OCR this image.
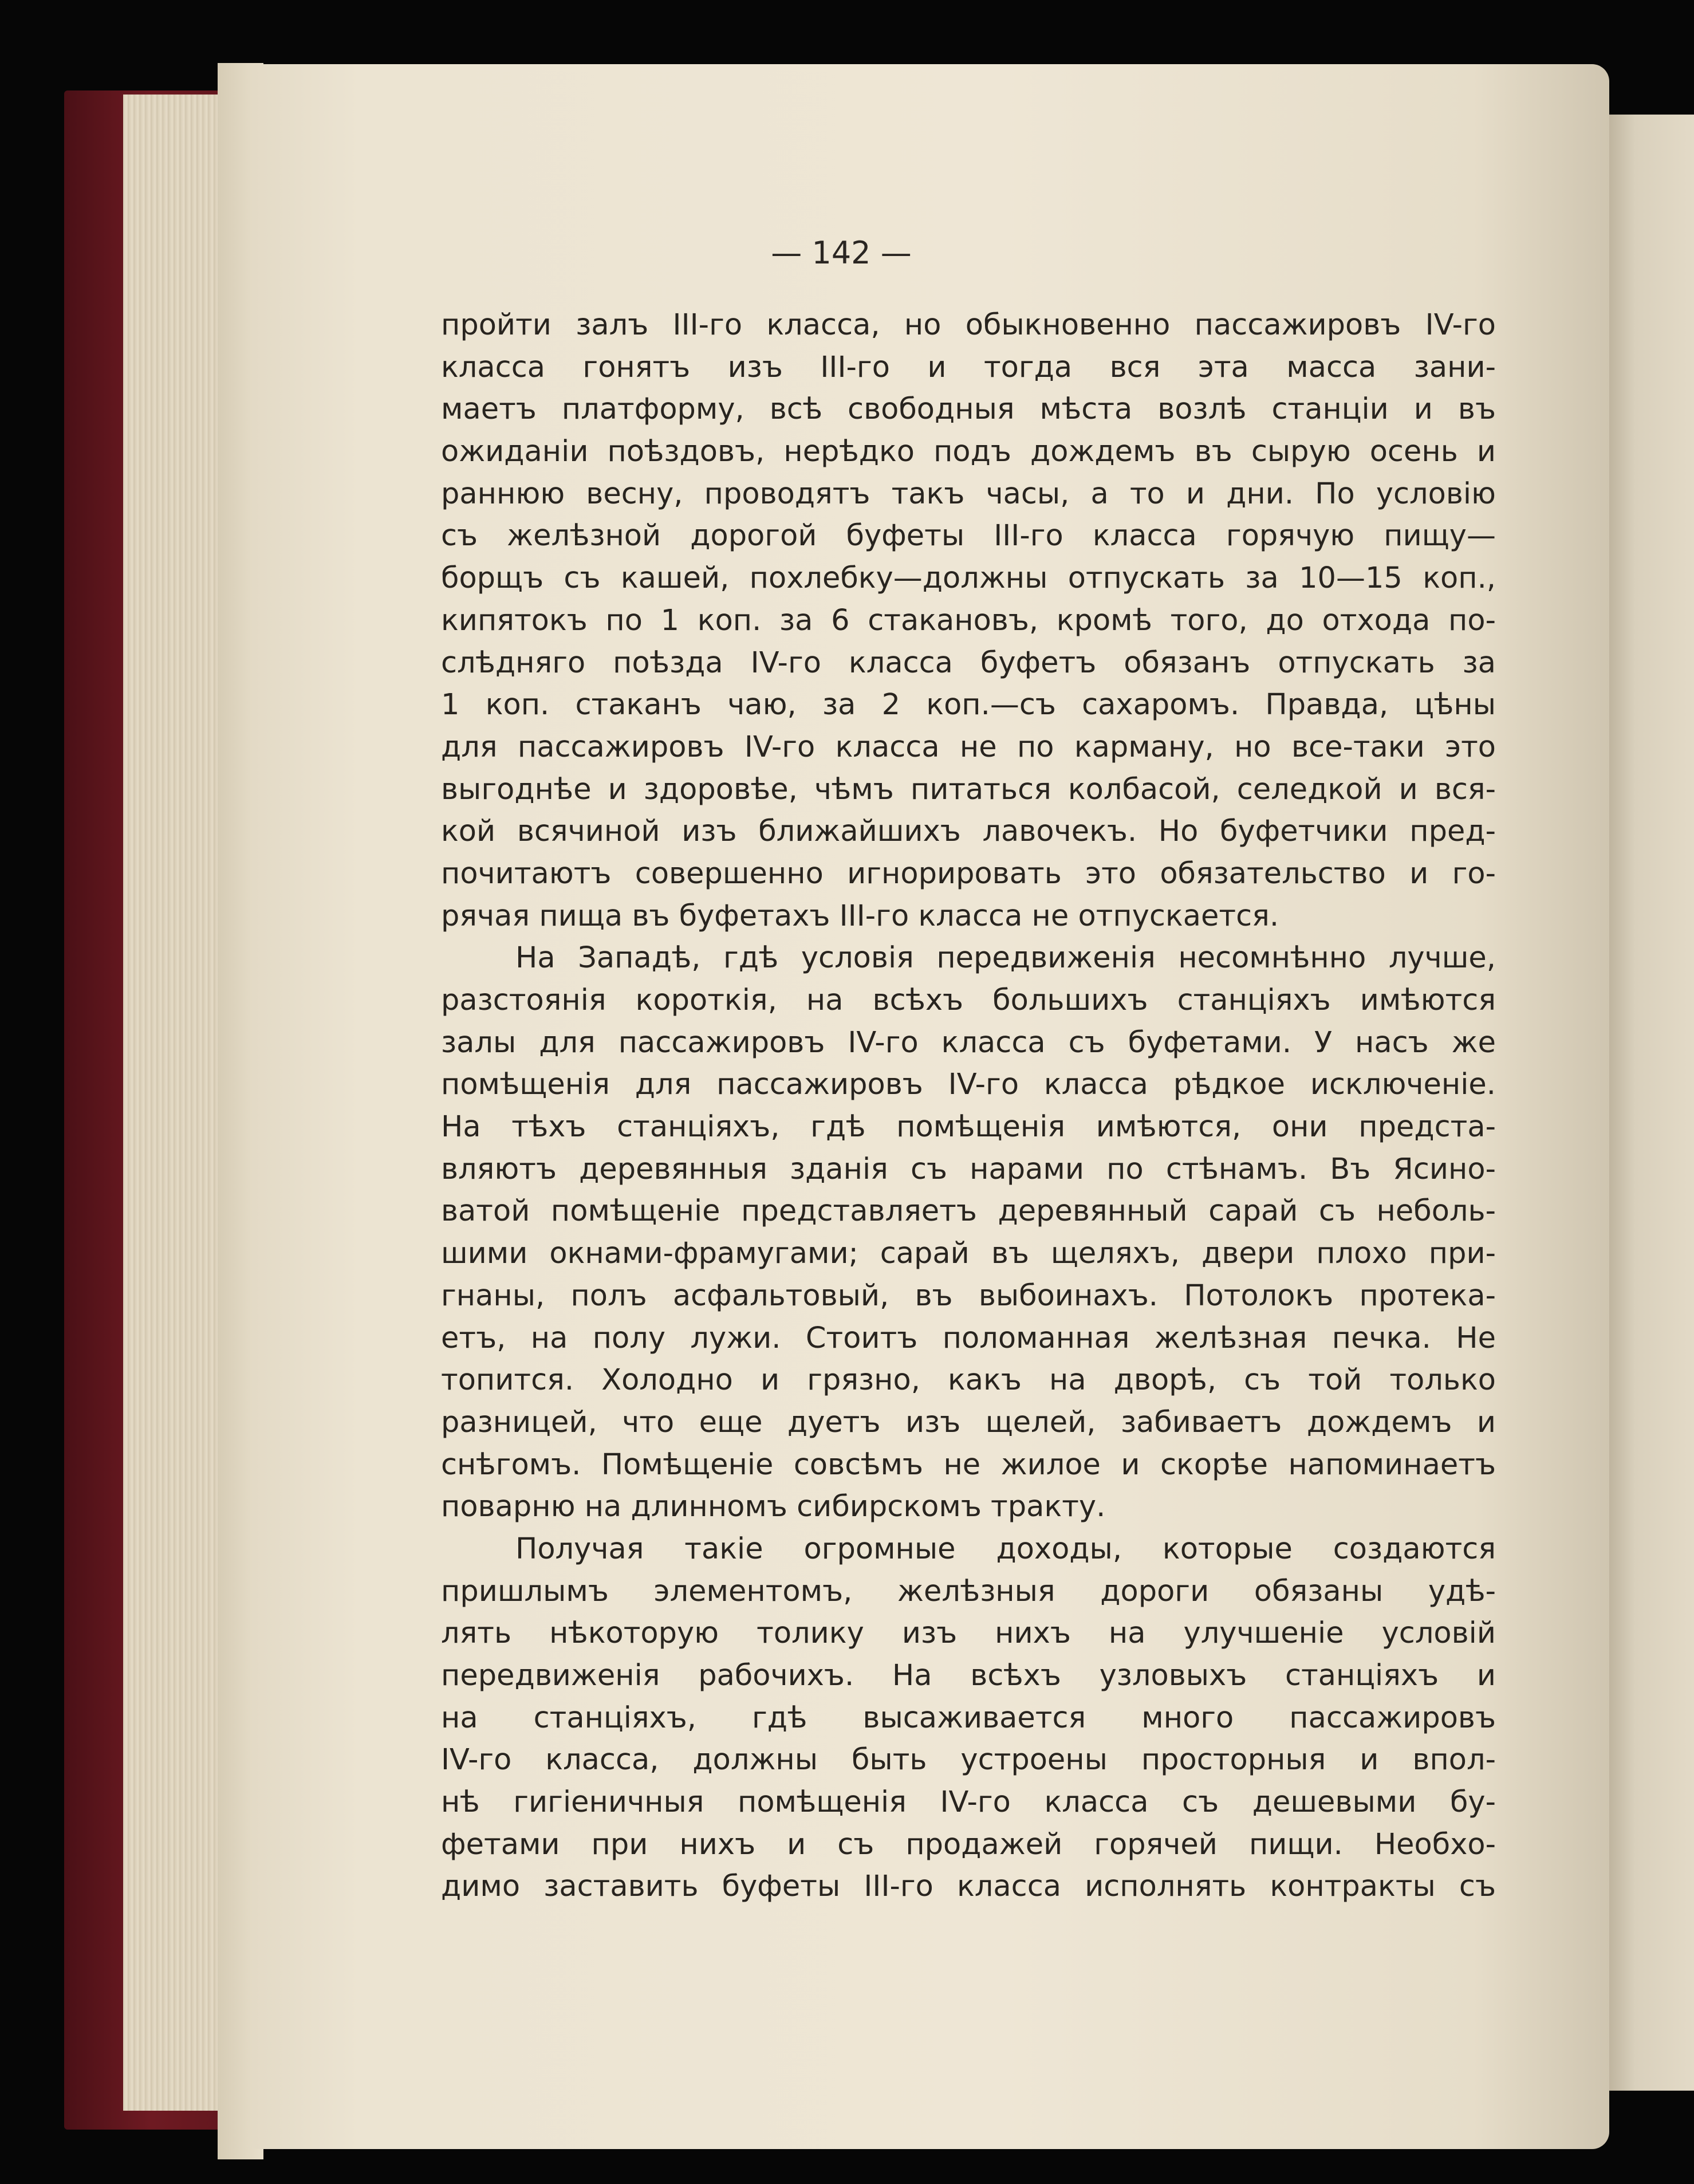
— 142 —
пройти залъ III-го класса, но обыкновенно пассажировъ IV-го
класса гонятъ изъ III-го и тогда вся эта масса зани-
маетъ платформу, всѣ свободныя мѣста возлѣ станціи и въ
ожиданіи поѣздовъ, нерѣдко подъ дождемъ въ сырую осень и
раннюю весну, проводятъ такъ часы, а то и дни. По условію
съ желѣзной дорогой буфеты III-го класса горячую пищу—
борщъ съ кашей, похлебку—должны отпускать за 10—15 коп.,
кипятокъ по 1 коп. за 6 стакановъ, кромѣ того, до отхода по-
слѣдняго поѣзда IV-го класса буфетъ обязанъ отпускать за
1 коп. стаканъ чаю, за 2 коп.—съ сахаромъ. Правда, цѣны
для пассажировъ IV-го класса не по карману, но все-таки это
выгоднѣе и здоровѣе, чѣмъ питаться колбасой, селедкой и вся-
кой всячиной изъ ближайшихъ лавочекъ. Но буфетчики пред-
почитаютъ совершенно игнорировать это обязательство и го-
рячая пища въ буфетахъ III-го класса не отпускается.
На Западѣ, гдѣ условія передвиженія несомнѣнно лучше,
разстоянія короткія, на всѣхъ большихъ станціяхъ имѣются
залы для пассажировъ IV-го класса съ буфетами. У насъ же
помѣщенія для пассажировъ IV-го класса рѣдкое исключеніе.
На тѣхъ станціяхъ, гдѣ помѣщенія имѣются, они предста-
вляютъ деревянныя зданія съ нарами по стѣнамъ. Въ Ясино-
ватой помѣщеніе представляетъ деревянный сарай съ неболь-
шими окнами-фрамугами; сарай въ щеляхъ, двери плохо при-
гнаны, полъ асфальтовый, въ выбоинахъ. Потолокъ протека-
етъ, на полу лужи. Стоитъ поломанная желѣзная печка. Не
топится. Холодно и грязно, какъ на дворѣ, съ той только
разницей, что еще дуетъ изъ щелей, забиваетъ дождемъ и
снѣгомъ. Помѣщеніе совсѣмъ не жилое и скорѣе напоминаетъ
поварню на длинномъ сибирскомъ тракту.
Получая такіе огромные доходы, которые создаются
пришлымъ элементомъ, желѣзныя дороги обязаны удѣ-
лять нѣкоторую толику изъ нихъ на улучшеніе условій
передвиженія рабочихъ. На всѣхъ узловыхъ станціяхъ и
на станціяхъ, гдѣ высаживается много пассажировъ
IV-го класса, должны быть устроены просторныя и впол-
нѣ гигіеничныя помѣщенія IV-го класса съ дешевыми бу-
фетами при нихъ и съ продажей горячей пищи. Необхо-
димо заставить буфеты III-го класса исполнять контракты съ
